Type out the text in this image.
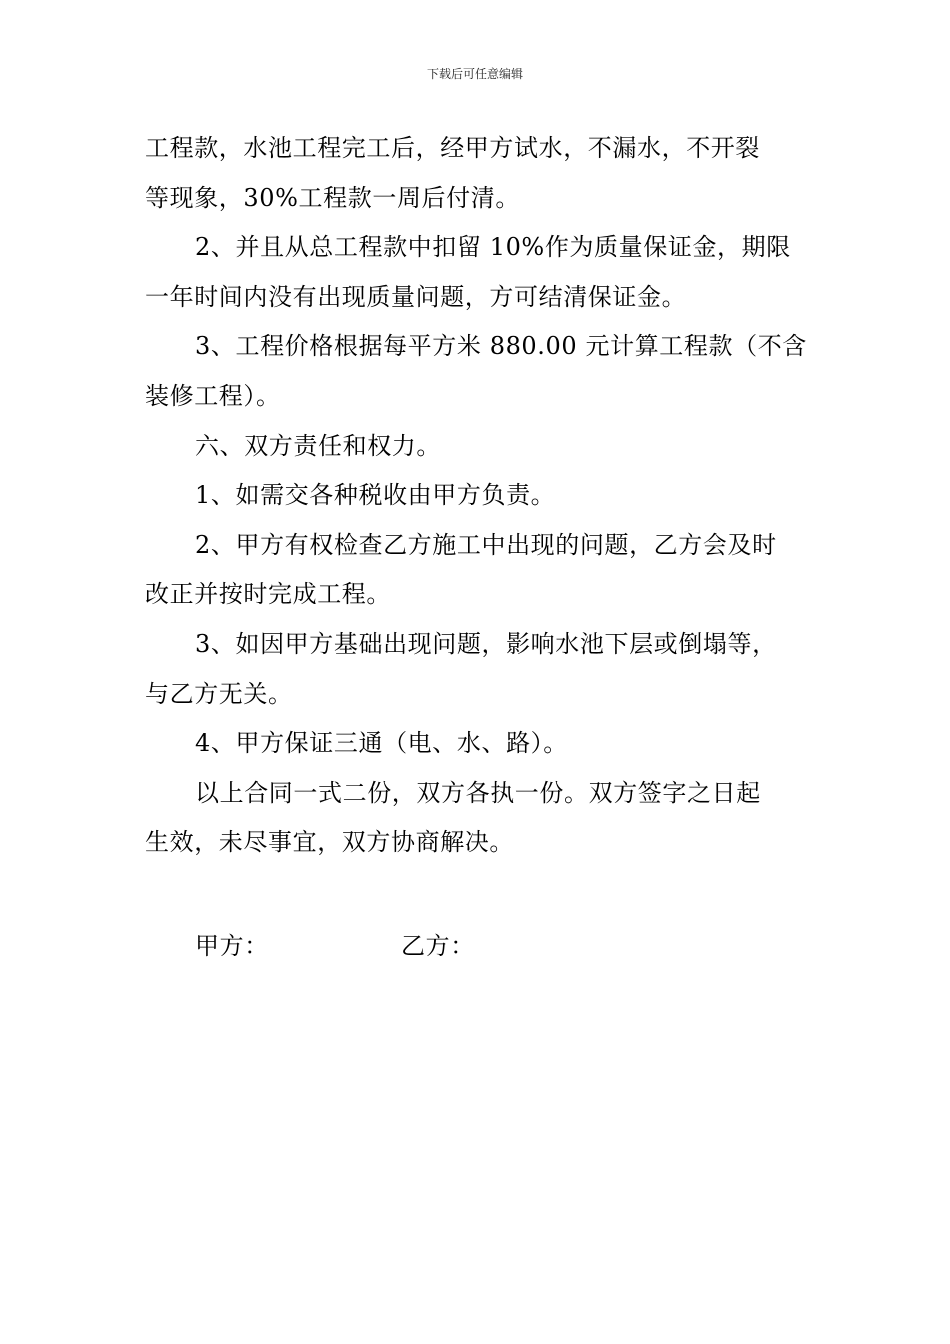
下载后可任意编辑

工程款，水池工程完工后，经甲方试水，不漏水，不开裂

等现象，30%工程款一周后付清。

2、并且从总工程款中扣留 10%作为质量保证金，期限

一年时间内没有出现质量问题，方可结清保证金。

3、工程价格根据每平方米 880.00 元计算工程款（不含

装修工程）。

六、双方责任和权力。

1、如需交各种税收由甲方负责。

2、甲方有权检查乙方施工中出现的问题，乙方会及时

改正并按时完成工程。

3、如因甲方基础出现问题，影响水池下层或倒塌等，

与乙方无关。

4、甲方保证三通（电、水、路）。

以上合同一式二份，双方各执一份。双方签字之日起

生效，未尽事宜，双方协商解决。

甲方：	乙方：
